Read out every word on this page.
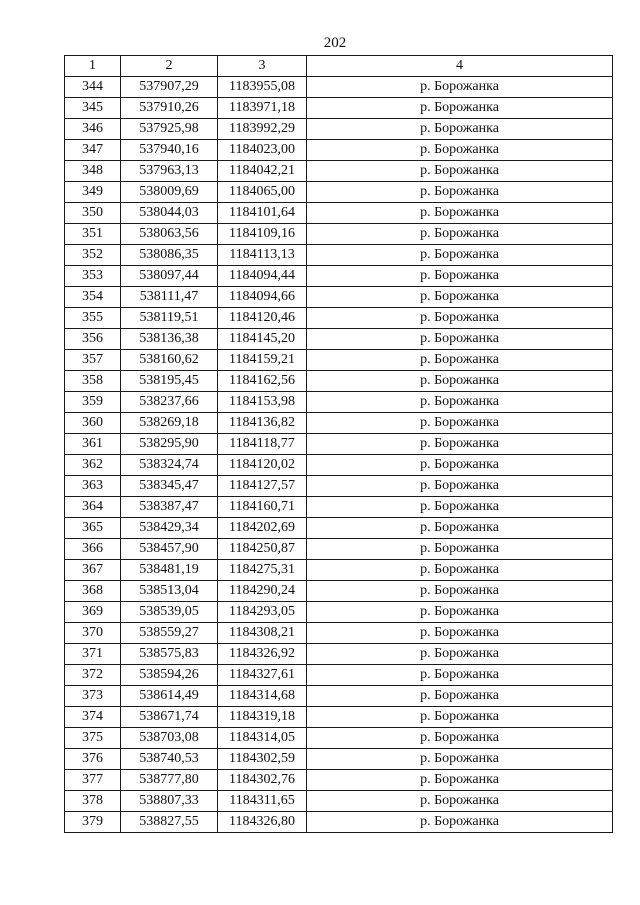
202
1	2	3	4
344	537907,29	1183955,08	р. Борожанка
345	537910,26	1183971,18	р. Борожанка
346	537925,98	1183992,29	р. Борожанка
347	537940,16	1184023,00	р. Борожанка
348	537963,13	1184042,21	р. Борожанка
349	538009,69	1184065,00	р. Борожанка
350	538044,03	1184101,64	р. Борожанка
351	538063,56	1184109,16	р. Борожанка
352	538086,35	1184113,13	р. Борожанка
353	538097,44	1184094,44	р. Борожанка
354	538111,47	1184094,66	р. Борожанка
355	538119,51	1184120,46	р. Борожанка
356	538136,38	1184145,20	р. Борожанка
357	538160,62	1184159,21	р. Борожанка
358	538195,45	1184162,56	р. Борожанка
359	538237,66	1184153,98	р. Борожанка
360	538269,18	1184136,82	р. Борожанка
361	538295,90	1184118,77	р. Борожанка
362	538324,74	1184120,02	р. Борожанка
363	538345,47	1184127,57	р. Борожанка
364	538387,47	1184160,71	р. Борожанка
365	538429,34	1184202,69	р. Борожанка
366	538457,90	1184250,87	р. Борожанка
367	538481,19	1184275,31	р. Борожанка
368	538513,04	1184290,24	р. Борожанка
369	538539,05	1184293,05	р. Борожанка
370	538559,27	1184308,21	р. Борожанка
371	538575,83	1184326,92	р. Борожанка
372	538594,26	1184327,61	р. Борожанка
373	538614,49	1184314,68	р. Борожанка
374	538671,74	1184319,18	р. Борожанка
375	538703,08	1184314,05	р. Борожанка
376	538740,53	1184302,59	р. Борожанка
377	538777,80	1184302,76	р. Борожанка
378	538807,33	1184311,65	р. Борожанка
379	538827,55	1184326,80	р. Борожанка
